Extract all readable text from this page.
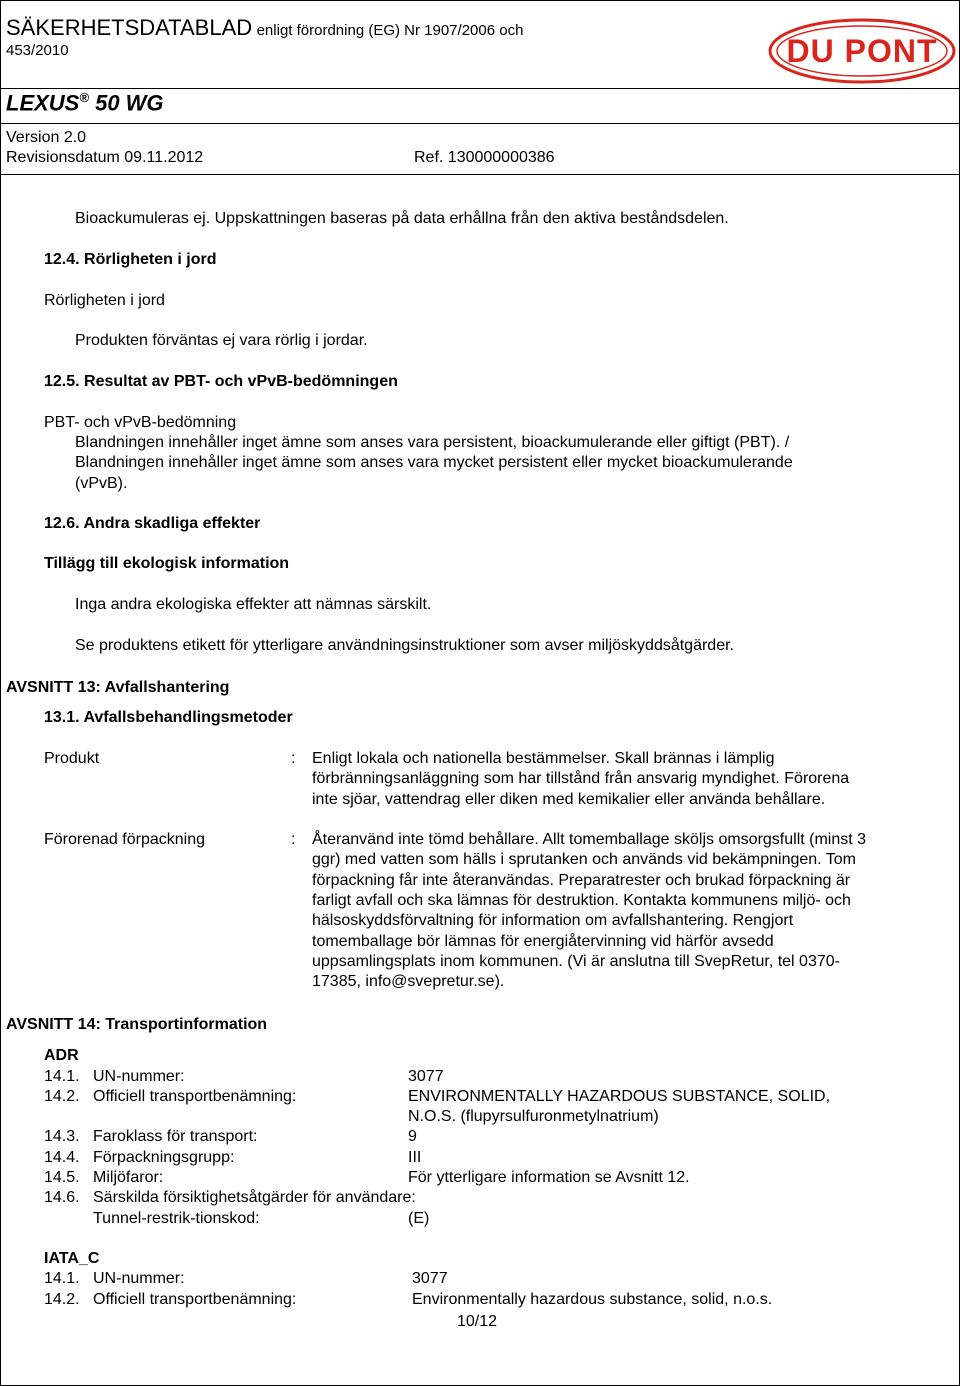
SÄKERHETSDATABLAD enligt förordning (EG) Nr 1907/2006 och
453/2010	DU PONT
LEXUS® 50 WG
Version 2.0
Revisionsdatum 09.11.2012	Ref. 130000000386
Bioackumuleras ej. Uppskattningen baseras på data erhållna från den aktiva beståndsdelen.
12.4. Rörligheten i jord
Rörligheten i jord
Produkten förväntas ej vara rörlig i jordar.
12.5. Resultat av PBT- och vPvB-bedömningen
PBT- och vPvB-bedömning
Blandningen innehåller inget ämne som anses vara persistent, bioackumulerande eller giftigt (PBT). /
Blandningen innehåller inget ämne som anses vara mycket persistent eller mycket bioackumulerande
(vPvB).
12.6. Andra skadliga effekter
Tillägg till ekologisk information
Inga andra ekologiska effekter att nämnas särskilt.
Se produktens etikett för ytterligare användningsinstruktioner som avser miljöskyddsåtgärder.
AVSNITT 13: Avfallshantering
13.1. Avfallsbehandlingsmetoder
Produkt	: Enligt lokala och nationella bestämmelser. Skall brännas i lämplig
förbränningsanläggning som har tillstånd från ansvarig myndighet. Förorena
inte sjöar, vattendrag eller diken med kemikalier eller använda behållare.
Förorenad förpackning	: Återanvänd inte tömd behållare. Allt tomemballage sköljs omsorgsfullt (minst 3
ggr) med vatten som hälls i sprutanken och används vid bekämpningen. Tom
förpackning får inte återanvändas. Preparatrester och brukad förpackning är
farligt avfall och ska lämnas för destruktion. Kontakta kommunens miljö- och
hälsoskyddsförvaltning för information om avfallshantering. Rengjort
tomemballage bör lämnas för energiåtervinning vid härför avsedd
uppsamlingsplats inom kommunen. (Vi är anslutna till SvepRetur, tel 0370-
17385, info@svepretur.se).
AVSNITT 14: Transportinformation
ADR
14.1. UN-nummer:	3077
14.2. Officiell transportbenämning:	ENVIRONMENTALLY HAZARDOUS SUBSTANCE, SOLID,
N.O.S. (flupyrsulfuronmetylnatrium)
14.3. Faroklass för transport:	9
14.4. Förpackningsgrupp:	III
14.5. Miljöfaror:	För ytterligare information se Avsnitt 12.
14.6. Särskilda försiktighetsåtgärder för användare:
Tunnel-restrik-tionskod:	(E)
IATA_C
14.1. UN-nummer:	3077
14.2. Officiell transportbenämning:	Environmentally hazardous substance, solid, n.o.s.
10/12
